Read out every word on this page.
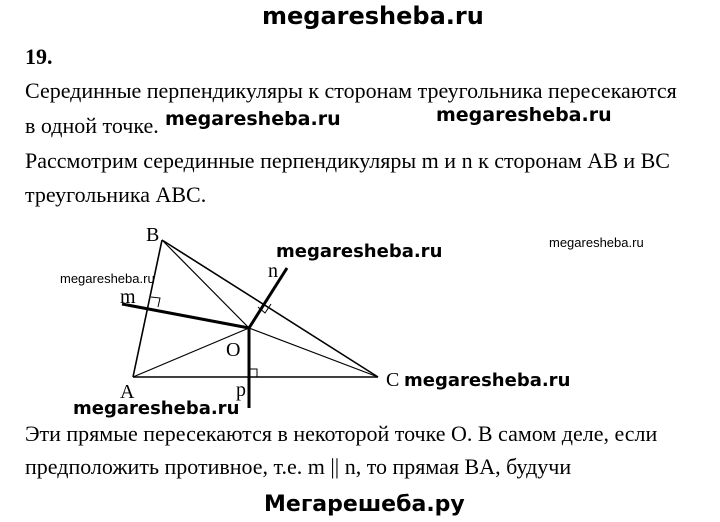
megaresheba.ru
19.
Серединные перпендикуляры к сторонам треугольника пересекаются
в одной точке.
Рассмотрим серединные перпендикуляры m и n к сторонам AB и BC
треугольника ABC.
megaresheba.ru	megaresheba.ru
B
A
C
O
m
n
p
megaresheba.ru	megaresheba.ru
megaresheba.ru
megaresheba.ru
megaresheba.ru
Эти прямые пересекаются в некоторой точке O. В самом деле, если
предположить противное, т.е. m || n, то прямая BA, будучи
Мегарешеба.ру
